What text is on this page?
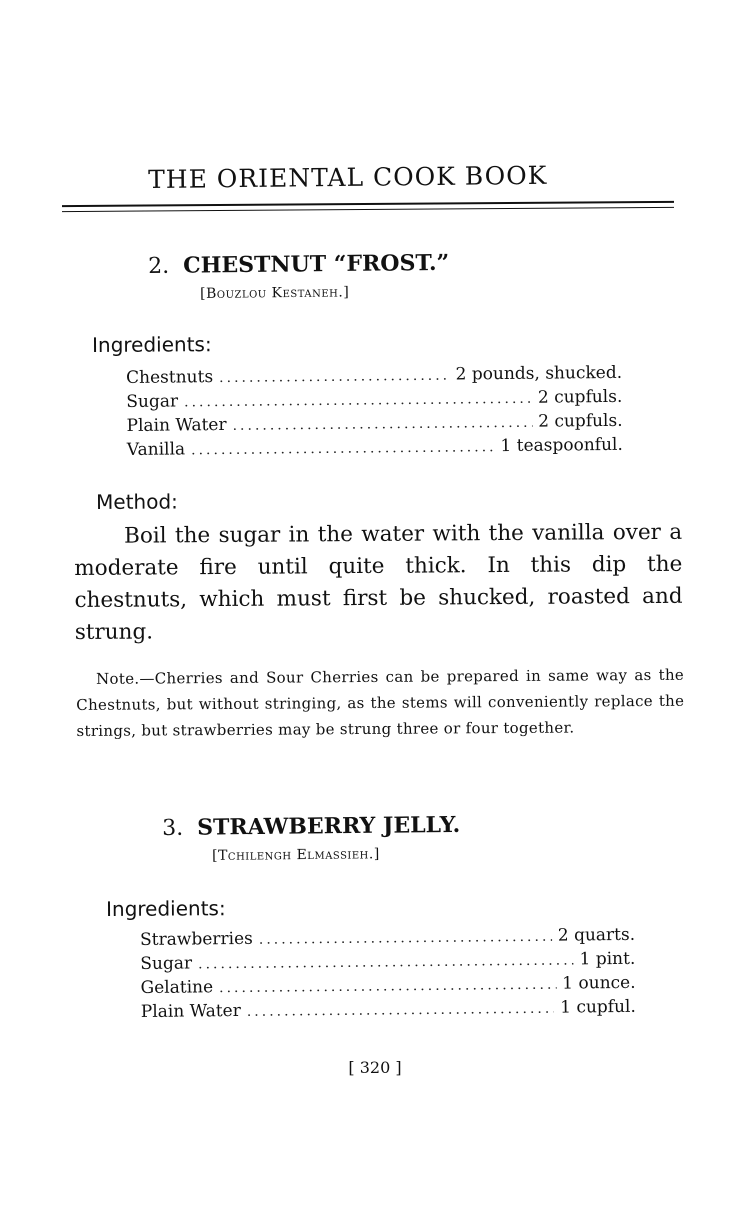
THE ORIENTAL COOK BOOK
2. CHESTNUT “FROST.”
[Bouzlou Kestaneh.]
Ingredients:
Chestnuts .....	2 pounds, shucked.
Sugar .....	2 cupfuls.
Plain Water .....	2 cupfuls.
Vanilla .....	1 teaspoonful.
Method:

Boil the sugar in the water with the vanilla over a moderate fire until quite thick. In this dip the chestnuts, which must first be shucked, roasted and strung.

Note.—Cherries and Sour Cherries can be prepared in same way as the Chestnuts, but without stringing, as the stems will conveniently replace the strings, but strawberries may be strung three or four together.

3. STRAWBERRY JELLY.
[Tchilengh Elmassieh.]
Ingredients:
Strawberries .....	2 quarts.
Sugar .....	1 pint.
Gelatine .....	1 ounce.
Plain Water .....	1 cupful.
[ 320 ]
